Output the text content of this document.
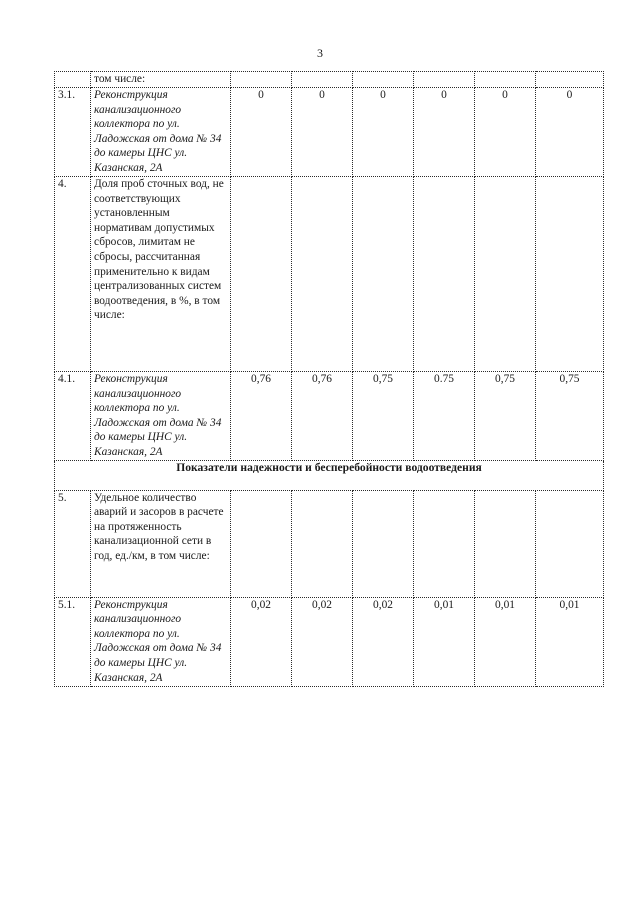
3
	том числе:						
3.1.	Реконструкция канализационного коллектора по ул. Ладожская от дома № 34 до камеры ЦНС ул. Казанская, 2А	0	0	0	0	0	0
4.	Доля проб сточных вод, не соответствующих установленным нормативам допустимых сбросов, лимитам не сбросы, рассчитанная применительно к видам централизованных систем водоотведения, в %, в том числе:						
4.1.	Реконструкция канализационного коллектора по ул. Ладожская от дома № 34 до камеры ЦНС ул. Казанская, 2А	0,76	0,76	0,75	0.75	0,75	0,75
Показатели надежности и бесперебойности водоотведения							
5.	Удельное количество аварий и засоров в расчете на протяженность канализационной сети в год, ед./км, в том числе:						
5.1.	Реконструкция канализационного коллектора по ул. Ладожская от дома № 34 до камеры ЦНС ул. Казанская, 2А	0,02	0,02	0,02	0,01	0,01	0,01
